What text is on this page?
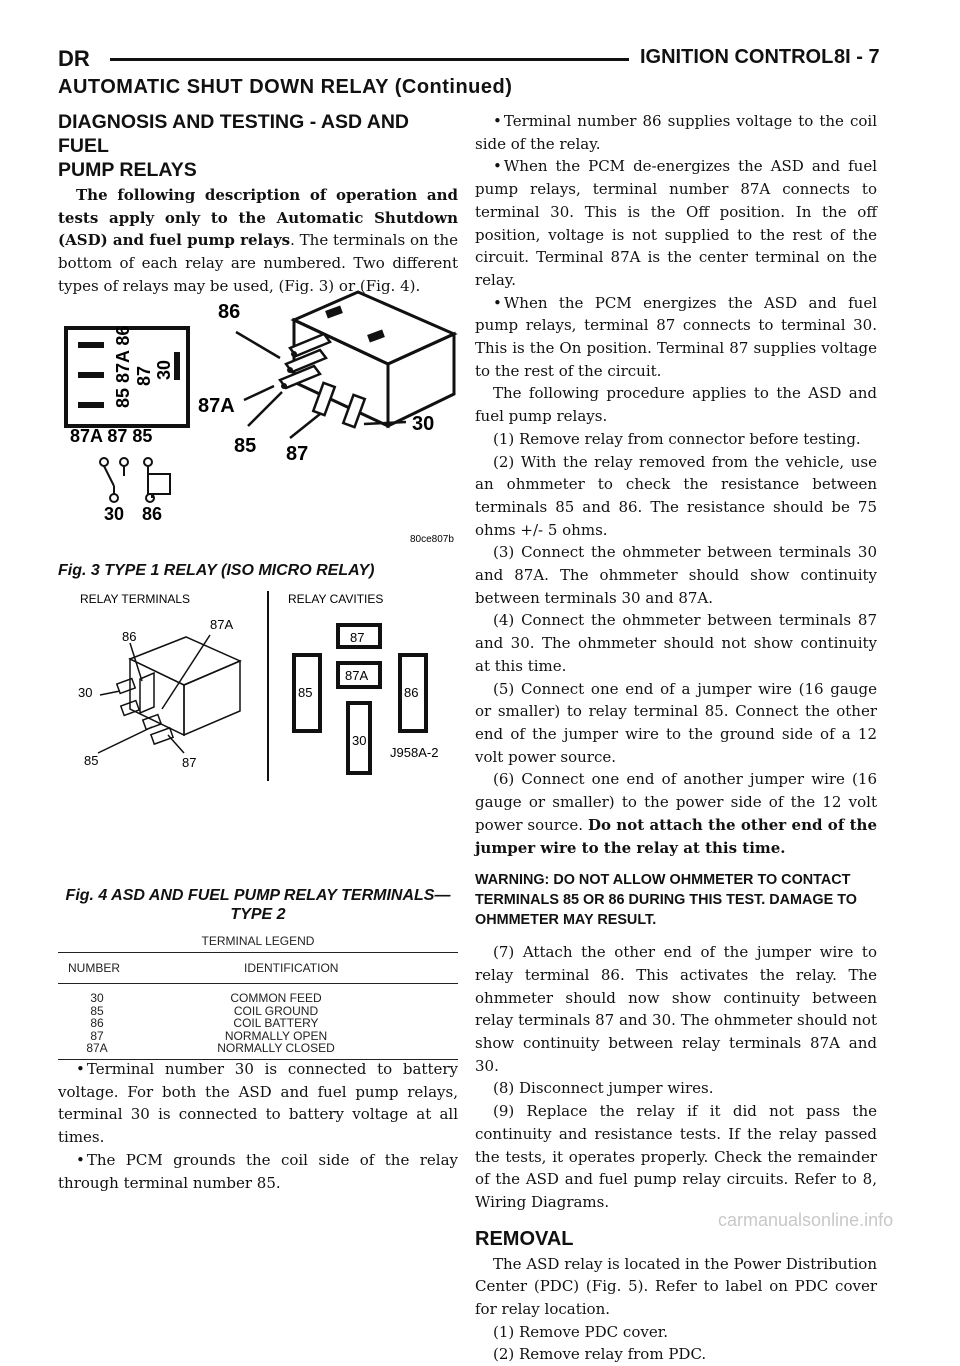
DR	IGNITION CONTROL 8I - 7
AUTOMATIC SHUT DOWN RELAY (Continued)
DIAGNOSIS AND TESTING - ASD AND FUEL
PUMP RELAYS

The following description of operation and tests apply only to the Automatic Shutdown (ASD) and fuel pump relays. The terminals on the bottom of each relay are numbered. Two different types of relays may be used, (Fig. 3) or (Fig. 4).

85 87A 86 87 30
86
87A
85 87
30
87A 87 85
30 86
80ce807b
Fig. 3 TYPE 1 RELAY (ISO MICRO RELAY)
RELAY TERMINALS	RELAY CAVITIES
86
87A
30
85	87
87
85
87A
86
30
J958A-2
Fig. 4 ASD AND FUEL PUMP RELAY TERMINALS—
TYPE 2
TERMINAL LEGEND
NUMBER	IDENTIFICATION
30	COMMON FEED
85	COIL GROUND
86	COIL BATTERY
87	NORMALLY OPEN
87A	NORMALLY CLOSED

• Terminal number 30 is connected to battery voltage. For both the ASD and fuel pump relays, terminal 30 is connected to battery voltage at all times.

• The PCM grounds the coil side of the relay through terminal number 85.

• Terminal number 86 supplies voltage to the coil side of the relay.

• When the PCM de-energizes the ASD and fuel pump relays, terminal number 87A connects to terminal 30. This is the Off position. In the off position, voltage is not supplied to the rest of the circuit. Terminal 87A is the center terminal on the relay.

• When the PCM energizes the ASD and fuel pump relays, terminal 87 connects to terminal 30. This is the On position. Terminal 87 supplies voltage to the rest of the circuit.

The following procedure applies to the ASD and fuel pump relays.

(1) Remove relay from connector before testing.

(2) With the relay removed from the vehicle, use an ohmmeter to check the resistance between terminals 85 and 86. The resistance should be 75 ohms +/- 5 ohms.

(3) Connect the ohmmeter between terminals 30 and 87A. The ohmmeter should show continuity between terminals 30 and 87A.

(4) Connect the ohmmeter between terminals 87 and 30. The ohmmeter should not show continuity at this time.

(5) Connect one end of a jumper wire (16 gauge or smaller) to relay terminal 85. Connect the other end of the jumper wire to the ground side of a 12 volt power source.

(6) Connect one end of another jumper wire (16 gauge or smaller) to the power side of the 12 volt power source. Do not attach the other end of the jumper wire to the relay at this time.

WARNING: DO NOT ALLOW OHMMETER TO CONTACT TERMINALS 85 OR 86 DURING THIS TEST. DAMAGE TO OHMMETER MAY RESULT.

(7) Attach the other end of the jumper wire to relay terminal 86. This activates the relay. The ohmmeter should now show continuity between relay terminals 87 and 30. The ohmmeter should not show continuity between relay terminals 87A and 30.

(8) Disconnect jumper wires.

(9) Replace the relay if it did not pass the continuity and resistance tests. If the relay passed the tests, it operates properly. Check the remainder of the ASD and fuel pump relay circuits. Refer to 8, Wiring Diagrams.

REMOVAL

The ASD relay is located in the Power Distribution Center (PDC) (Fig. 5). Refer to label on PDC cover for relay location.

(1) Remove PDC cover.

(2) Remove relay from PDC.

carmanualsonline.info
